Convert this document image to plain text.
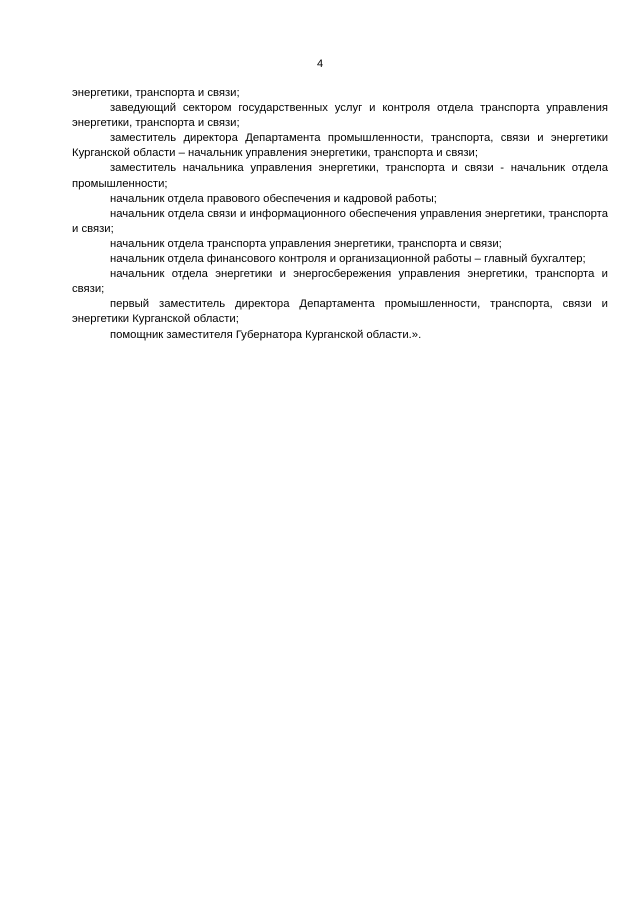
4

энергетики, транспорта и связи;

заведующий сектором государственных услуг и контроля отдела транспорта управления энергетики, транспорта и связи;

заместитель директора Департамента промышленности, транспорта, связи и энергетики Курганской области – начальник управления энергетики, транспорта и связи;

заместитель начальника управления энергетики, транспорта и связи - начальник отдела промышленности;

начальник отдела правового обеспечения и кадровой работы;

начальник отдела связи и информационного обеспечения управления энергетики, транспорта и связи;

начальник отдела транспорта управления энергетики, транспорта и связи;

начальник отдела финансового контроля и организационной работы – главный бухгалтер;

начальник отдела энергетики и энергосбережения управления энергетики, транспорта и связи;

первый заместитель директора Департамента промышленности, транспорта, связи и энергетики Курганской области;

помощник заместителя Губернатора Курганской области.».
